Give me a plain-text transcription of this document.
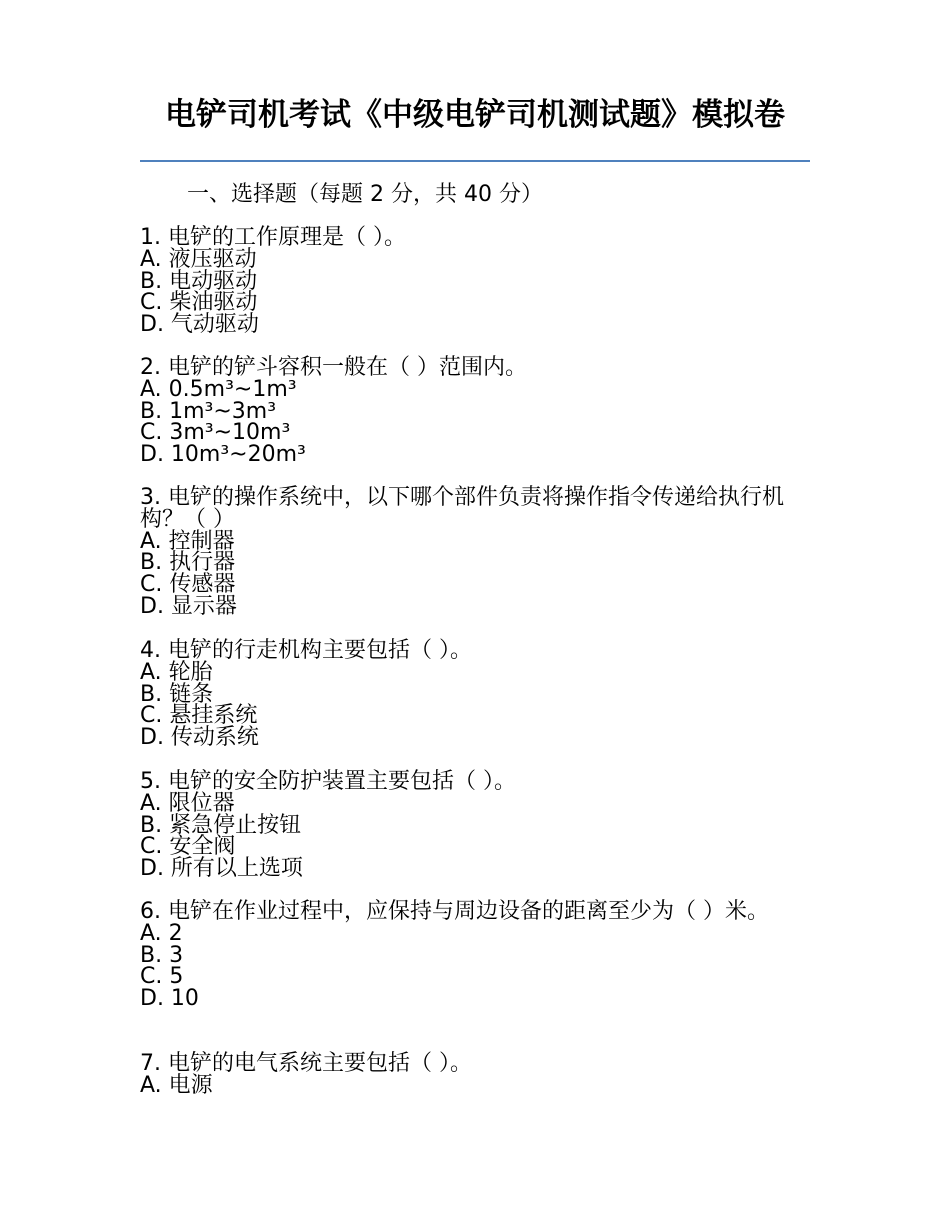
电铲司机考试《中级电铲司机测试题》模拟卷
一、选择题（每题 2 分，共 40 分）

1. 电铲的工作原理是（ ）。

A. 液压驱动
B. 电动驱动
C. 柴油驱动
D. 气动驱动

2. 电铲的铲斗容积一般在（ ）范围内。

A. 0.5m³~1m³
B. 1m³~3m³
C. 3m³~10m³
D. 10m³~20m³

3. 电铲的操作系统中，以下哪个部件负责将操作指令传递给执行机构？（ ）

A. 控制器
B. 执行器
C. 传感器
D. 显示器

4. 电铲的行走机构主要包括（ ）。

A. 轮胎
B. 链条
C. 悬挂系统
D. 传动系统

5. 电铲的安全防护装置主要包括（ ）。

A. 限位器
B. 紧急停止按钮
C. 安全阀
D. 所有以上选项

6. 电铲在作业过程中，应保持与周边设备的距离至少为（ ）米。

A. 2
B. 3
C. 5
D. 10

7. 电铲的电气系统主要包括（ ）。

A. 电源
